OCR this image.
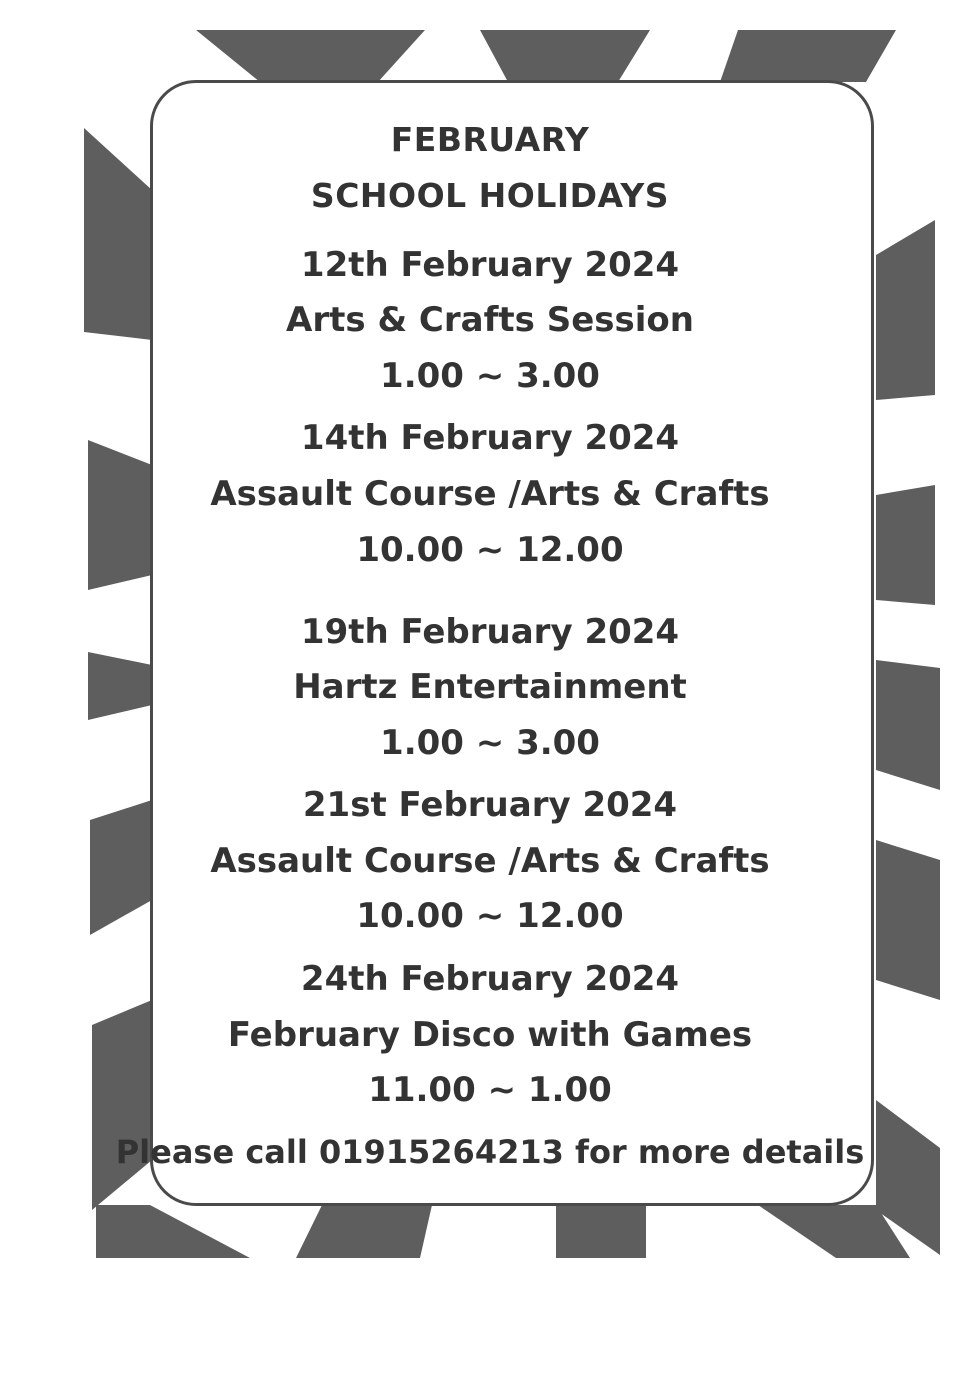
FEBRUARY
SCHOOL HOLIDAYS
12th February 2024
Arts & Crafts Session
1.00 ~ 3.00
14th February 2024
Assault Course /Arts & Crafts
10.00 ~ 12.00
19th February 2024
Hartz Entertainment
1.00 ~ 3.00
21st February 2024
Assault Course /Arts & Crafts
10.00 ~ 12.00
24th February 2024
February Disco with Games
11.00 ~ 1.00
Please call 01915264213 for more details
